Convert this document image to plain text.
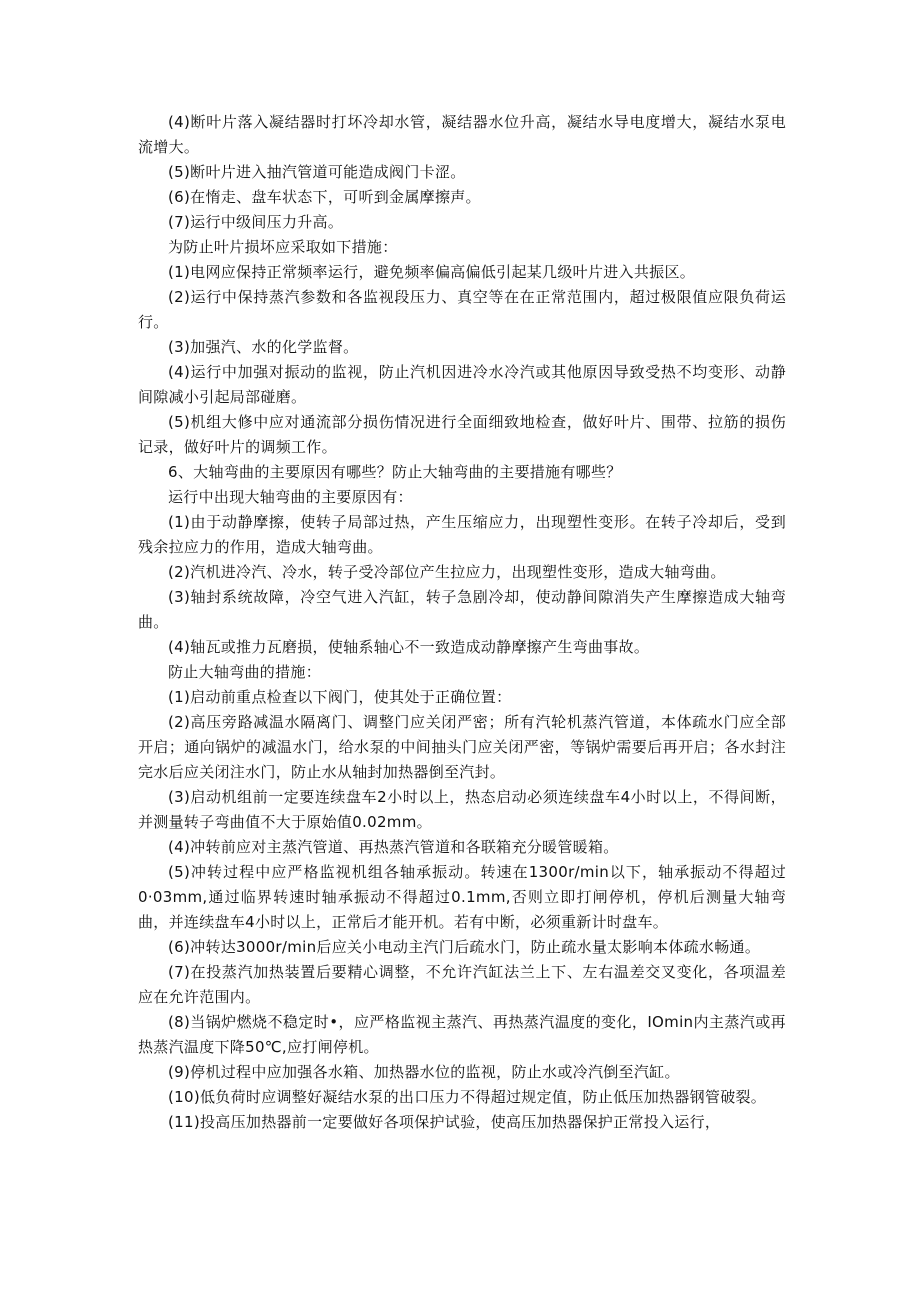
(4)断叶片落入凝结器时打坏冷却水管，凝结器水位升高，凝结水导电度增大，凝结水泵电流增大。

(5)断叶片进入抽汽管道可能造成阀门卡涩。

(6)在惰走、盘车状态下，可听到金属摩擦声。

(7)运行中级间压力升高。

为防止叶片损坏应采取如下措施：

(1)电网应保持正常频率运行，避免频率偏高偏低引起某几级叶片进入共振区。

(2)运行中保持蒸汽参数和各监视段压力、真空等在在正常范围内，超过极限值应限负荷运行。

(3)加强汽、水的化学监督。

(4)运行中加强对振动的监视，防止汽机因进冷水冷汽或其他原因导致受热不均变形、动静间隙减小引起局部碰磨。

(5)机组大修中应对通流部分损伤情况进行全面细致地检查，做好叶片、围带、拉筋的损伤记录，做好叶片的调频工作。

6、大轴弯曲的主要原因有哪些？防止大轴弯曲的主要措施有哪些？

运行中出现大轴弯曲的主要原因有：

(1)由于动静摩擦，使转子局部过热，产生压缩应力，出现塑性变形。在转子冷却后，受到残余拉应力的作用，造成大轴弯曲。

(2)汽机进冷汽、冷水，转子受冷部位产生拉应力，出现塑性变形，造成大轴弯曲。

(3)轴封系统故障，冷空气进入汽缸，转子急剧冷却，使动静间隙消失产生摩擦造成大轴弯曲。

(4)轴瓦或推力瓦磨损，使轴系轴心不一致造成动静摩擦产生弯曲事故。

防止大轴弯曲的措施：

(1)启动前重点检查以下阀门，使其处于正确位置：

(2)高压旁路减温水隔离门、调整门应关闭严密；所有汽轮机蒸汽管道，本体疏水门应全部开启；通向锅炉的减温水门，给水泵的中间抽头门应关闭严密，等锅炉需要后再开启；各水封注完水后应关闭注水门，防止水从轴封加热器倒至汽封。

(3)启动机组前一定要连续盘车2小时以上，热态启动必须连续盘车4小时以上，不得间断，并测量转子弯曲值不大于原始值0.02mm。

(4)冲转前应对主蒸汽管道、再热蒸汽管道和各联箱充分暖管暖箱。

(5)冲转过程中应严格监视机组各轴承振动。转速在1300r/min以下，轴承振动不得超过0·03mm,通过临界转速时轴承振动不得超过0.1mm,否则立即打闸停机，停机后测量大轴弯曲，并连续盘车4小时以上，正常后才能开机。若有中断，必须重新计时盘车。

(6)冲转达3000r/min后应关小电动主汽门后疏水门，防止疏水量太影响本体疏水畅通。

(7)在投蒸汽加热装置后要精心调整，不允许汽缸法兰上下、左右温差交叉变化，各项温差应在允许范围内。

(8)当锅炉燃烧不稳定时•，应严格监视主蒸汽、再热蒸汽温度的变化，IOmin内主蒸汽或再热蒸汽温度下降50℃,应打闸停机。

(9)停机过程中应加强各水箱、加热器水位的监视，防止水或冷汽倒至汽缸。

(10)低负荷时应调整好凝结水泵的出口压力不得超过规定值，防止低压加热器钢管破裂。

(11)投高压加热器前一定要做好各项保护试验，使高压加热器保护正常投入运行，
